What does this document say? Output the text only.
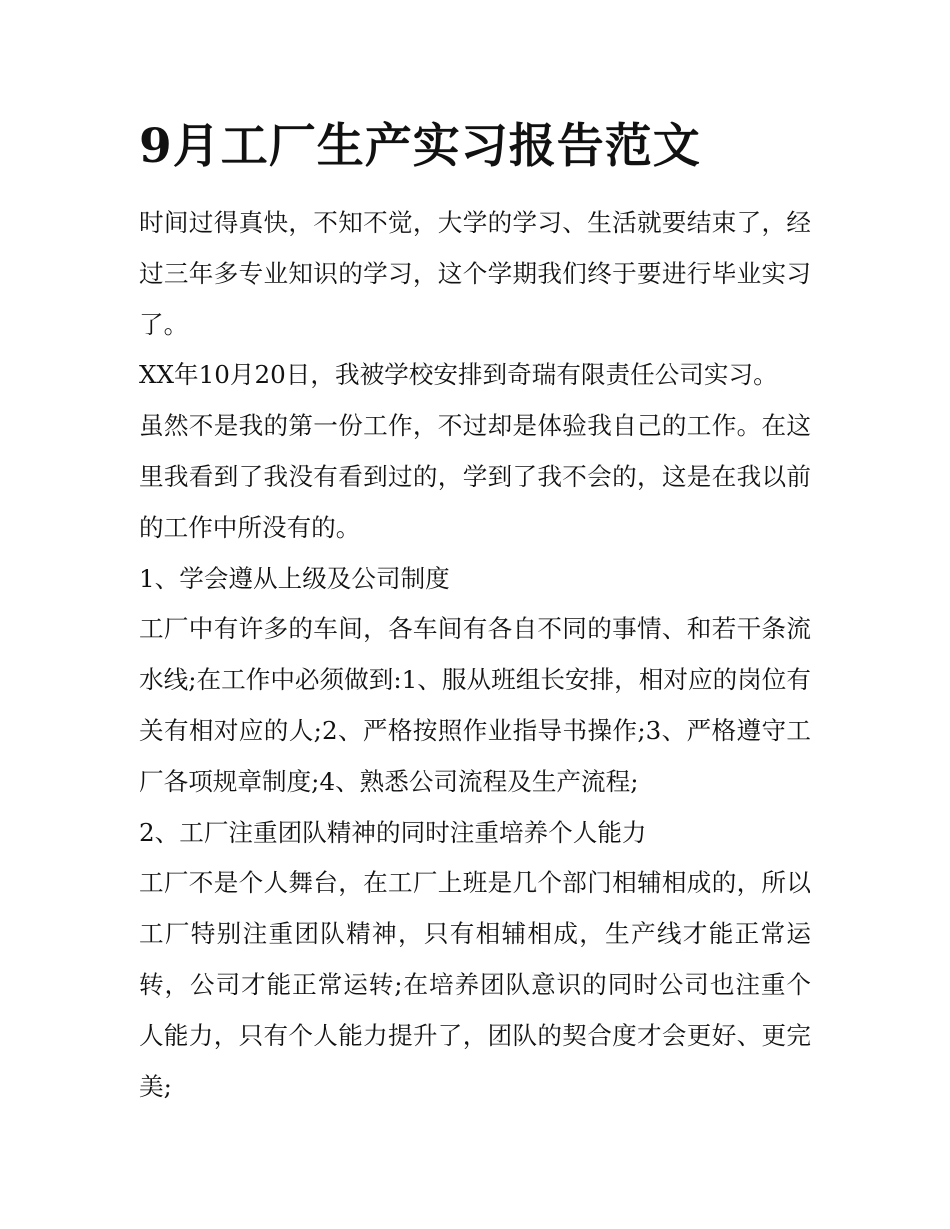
9月工厂生产实习报告范文

时间过得真快，不知不觉，大学的学习、生活就要结束了，经过三年多专业知识的学习，这个学期我们终于要进行毕业实习了。

XX年10月20日，我被学校安排到奇瑞有限责任公司实习。

虽然不是我的第一份工作，不过却是体验我自己的工作。在这里我看到了我没有看到过的，学到了我不会的，这是在我以前的工作中所没有的。

1、学会遵从上级及公司制度

工厂中有许多的车间，各车间有各自不同的事情、和若干条流水线;在工作中必须做到:1、服从班组长安排，相对应的岗位有关有相对应的人;2、严格按照作业指导书操作;3、严格遵守工厂各项规章制度;4、熟悉公司流程及生产流程;

2、工厂注重团队精神的同时注重培养个人能力

工厂不是个人舞台，在工厂上班是几个部门相辅相成的，所以工厂特别注重团队精神，只有相辅相成，生产线才能正常运转，公司才能正常运转;在培养团队意识的同时公司也注重个人能力，只有个人能力提升了，团队的契合度才会更好、更完美;
